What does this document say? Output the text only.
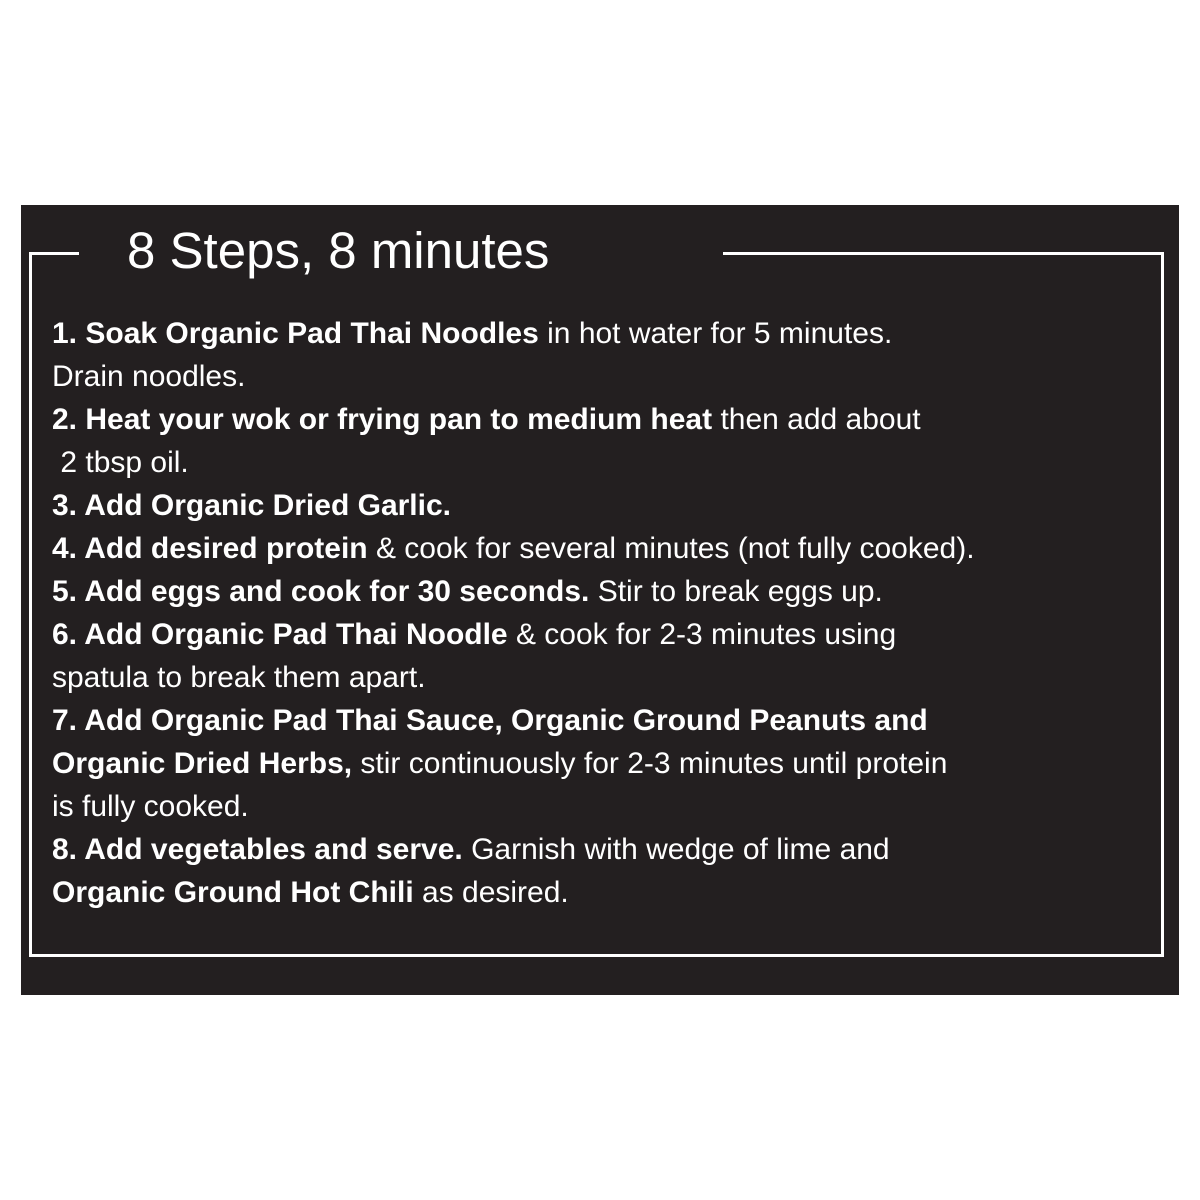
8 Steps, 8 minutes
1. Soak Organic Pad Thai Noodles in hot water for 5 minutes.
Drain noodles.
2. Heat your wok or frying pan to medium heat then add about
2 tbsp oil.
3. Add Organic Dried Garlic.
4. Add desired protein & cook for several minutes (not fully cooked).
5. Add eggs and cook for 30 seconds. Stir to break eggs up.
6. Add Organic Pad Thai Noodle & cook for 2-3 minutes using
spatula to break them apart.
7. Add Organic Pad Thai Sauce, Organic Ground Peanuts and
Organic Dried Herbs, stir continuously for 2-3 minutes until protein
is fully cooked.
8. Add vegetables and serve. Garnish with wedge of lime and
Organic Ground Hot Chili as desired.
